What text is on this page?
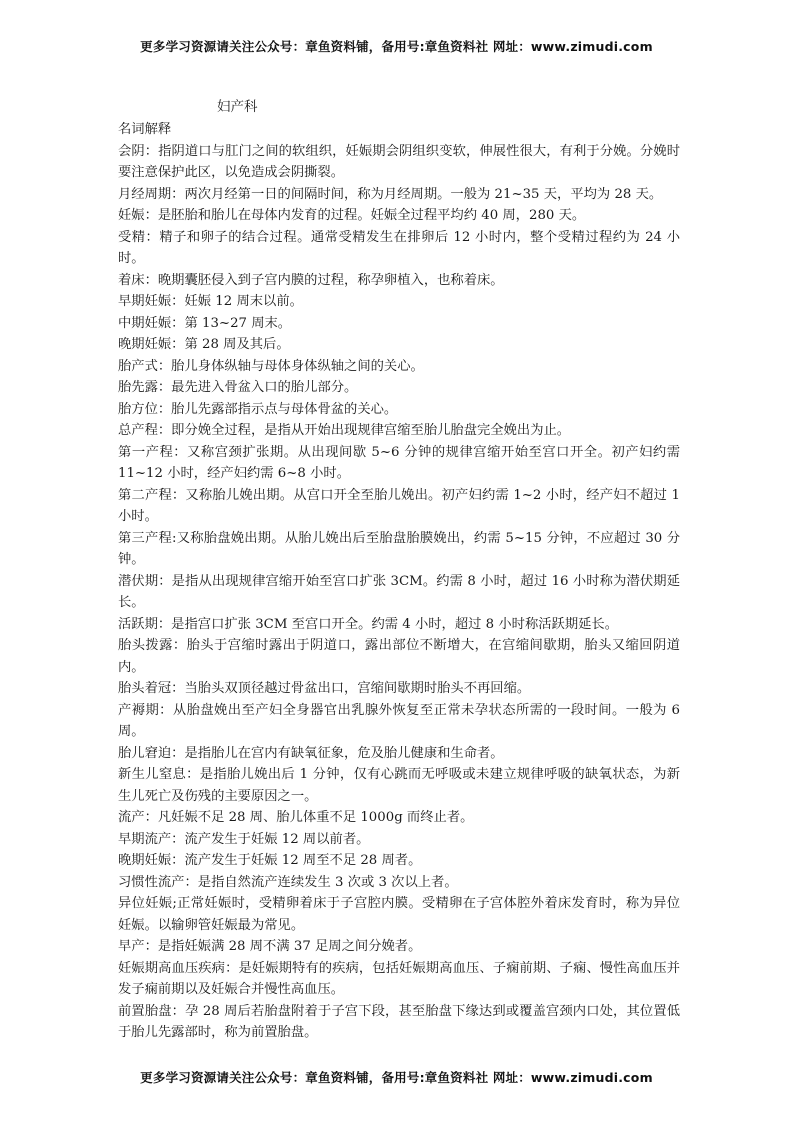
更多学习资源请关注公众号：章鱼资料铺，备用号:章鱼资料社 网址：www.zimudi.com
妇产科

名词解释

会阴：指阴道口与肛门之间的软组织，妊娠期会阴组织变软，伸展性很大，有利于分娩。分娩时要注意保护此区，以免造成会阴撕裂。

月经周期：两次月经第一日的间隔时间，称为月经周期。一般为 21~35 天，平均为 28 天。

妊娠：是胚胎和胎儿在母体内发育的过程。妊娠全过程平均约 40 周，280 天。

受精：精子和卵子的结合过程。通常受精发生在排卵后 12 小时内，整个受精过程约为 24 小时。

着床：晚期囊胚侵入到子宫内膜的过程，称孕卵植入，也称着床。

早期妊娠：妊娠 12 周末以前。

中期妊娠：第 13~27 周末。

晚期妊娠：第 28 周及其后。

胎产式：胎儿身体纵轴与母体身体纵轴之间的关心。

胎先露：最先进入骨盆入口的胎儿部分。

胎方位：胎儿先露部指示点与母体骨盆的关心。

总产程：即分娩全过程，是指从开始出现规律宫缩至胎儿胎盘完全娩出为止。

第一产程：又称宫颈扩张期。从出现间歇 5~6 分钟的规律宫缩开始至宫口开全。初产妇约需 11~12 小时，经产妇约需 6~8 小时。

第二产程：又称胎儿娩出期。从宫口开全至胎儿娩出。初产妇约需 1~2 小时，经产妇不超过 1 小时。

第三产程:又称胎盘娩出期。从胎儿娩出后至胎盘胎膜娩出，约需 5~15 分钟，不应超过 30 分钟。

潜伏期：是指从出现规律宫缩开始至宫口扩张 3CM。约需 8 小时，超过 16 小时称为潜伏期延长。

活跃期：是指宫口扩张 3CM 至宫口开全。约需 4 小时，超过 8 小时称活跃期延长。

胎头拨露：胎头于宫缩时露出于阴道口，露出部位不断增大，在宫缩间歇期，胎头又缩回阴道内。

胎头着冠：当胎头双顶径越过骨盆出口，宫缩间歇期时胎头不再回缩。

产褥期：从胎盘娩出至产妇全身器官出乳腺外恢复至正常未孕状态所需的一段时间。一般为 6 周。

胎儿窘迫：是指胎儿在宫内有缺氧征象，危及胎儿健康和生命者。

新生儿窒息：是指胎儿娩出后 1 分钟，仅有心跳而无呼吸或未建立规律呼吸的缺氧状态，为新生儿死亡及伤残的主要原因之一。

流产：凡妊娠不足 28 周、胎儿体重不足 1000g 而终止者。

早期流产：流产发生于妊娠 12 周以前者。

晚期妊娠：流产发生于妊娠 12 周至不足 28 周者。

习惯性流产：是指自然流产连续发生 3 次或 3 次以上者。

异位妊娠;正常妊娠时，受精卵着床于子宫腔内膜。受精卵在子宫体腔外着床发育时，称为异位妊娠。以输卵管妊娠最为常见。

早产：是指妊娠满 28 周不满 37 足周之间分娩者。

妊娠期高血压疾病：是妊娠期特有的疾病，包括妊娠期高血压、子痫前期、子痫、慢性高血压并发子痫前期以及妊娠合并慢性高血压。

前置胎盘：孕 28 周后若胎盘附着于子宫下段，甚至胎盘下缘达到或覆盖宫颈内口处，其位置低于胎儿先露部时，称为前置胎盘。

更多学习资源请关注公众号：章鱼资料铺，备用号:章鱼资料社 网址：www.zimudi.com
